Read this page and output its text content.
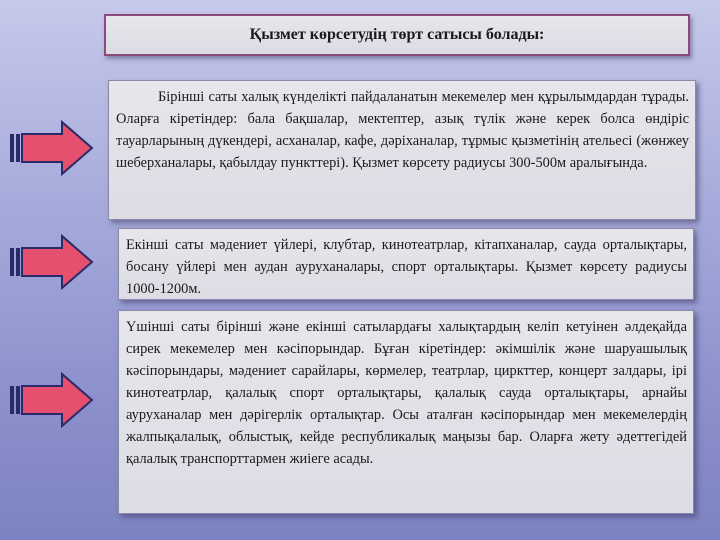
Қызмет көрсетудің төрт сатысы болады:
Бірінші саты халық күнделікті пайдаланатын мекемелер мен құрылымдардан тұрады. Оларға кіретіндер: бала бақшалар, мектептер, азық түлік және керек болса өндіріс тауарларының дүкендері, асханалар, кафе, дәріханалар, тұрмыс қызметінің ательесі (жөнжеу шеберханалары, қабылдау пункттері). Қызмет көрсету радиусы 300-500м аралығында.
Екінші саты мәдениет үйлері, клубтар, кинотеатрлар, кітапханалар, сауда орталықтары, босану үйлері мен аудан ауруханалары, спорт орталықтары. Қызмет көрсету радиусы 1000-1200м.
Үшінші саты бірінші және екінші сатылардағы халықтардың келіп кетуінен әлдеқайда сирек мекемелер мен кәсіпорындар. Бұған кіретіндер: әкімшілік және шаруашылық кәсіпорындары, мәдениет сарайлары, көрмелер, театрлар, циркттер, концерт залдары, ірі кинотеатрлар, қалалық спорт орталықтары, қалалық сауда орталықтары, арнайы ауруханалар мен дәрігерлік орталықтар. Осы аталған кәсіпорындар мен мекемелердің жалпықалалық, облыстық, кейде республикалық маңызы бар. Оларға жету әдеттегідей қалалық транспорттармен жиіеге асады.
